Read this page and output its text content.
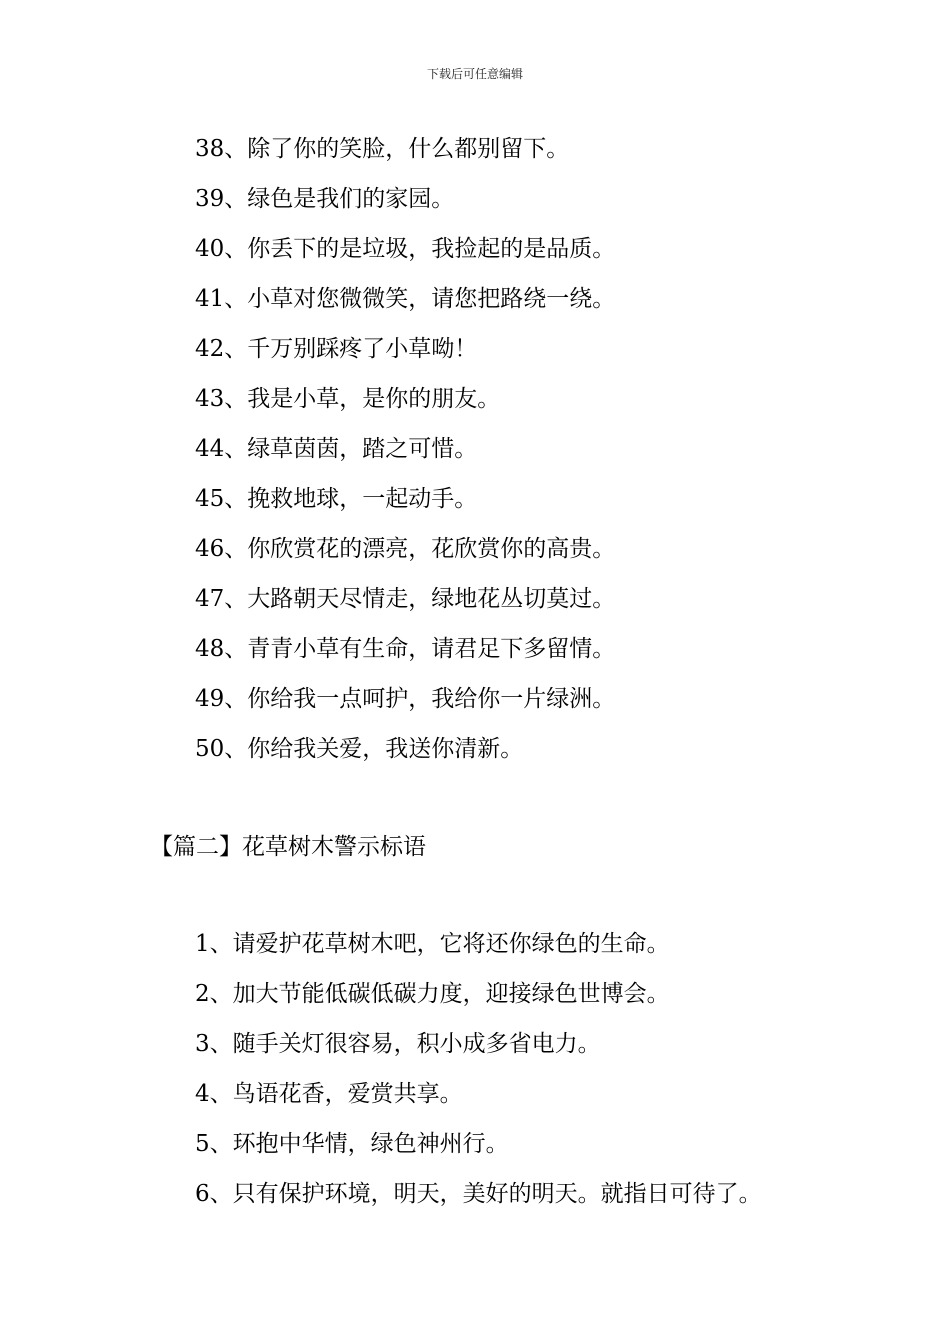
下载后可任意编辑
38、除了你的笑脸，什么都别留下。
39、绿色是我们的家园。
40、你丢下的是垃圾，我捡起的是品质。
41、小草对您微微笑，请您把路绕一绕。
42、千万别踩疼了小草呦！
43、我是小草，是你的朋友。
44、绿草茵茵，踏之可惜。
45、挽救地球，一起动手。
46、你欣赏花的漂亮，花欣赏你的高贵。
47、大路朝天尽情走，绿地花丛切莫过。
48、青青小草有生命，请君足下多留情。
49、你给我一点呵护，我给你一片绿洲。
50、你给我关爱，我送你清新。
【篇二】花草树木警示标语
1、请爱护花草树木吧，它将还你绿色的生命。
2、加大节能低碳低碳力度，迎接绿色世博会。
3、随手关灯很容易，积小成多省电力。
4、鸟语花香，爱赏共享。
5、环抱中华情，绿色神州行。
6、只有保护环境，明天，美好的明天。就指日可待了。
